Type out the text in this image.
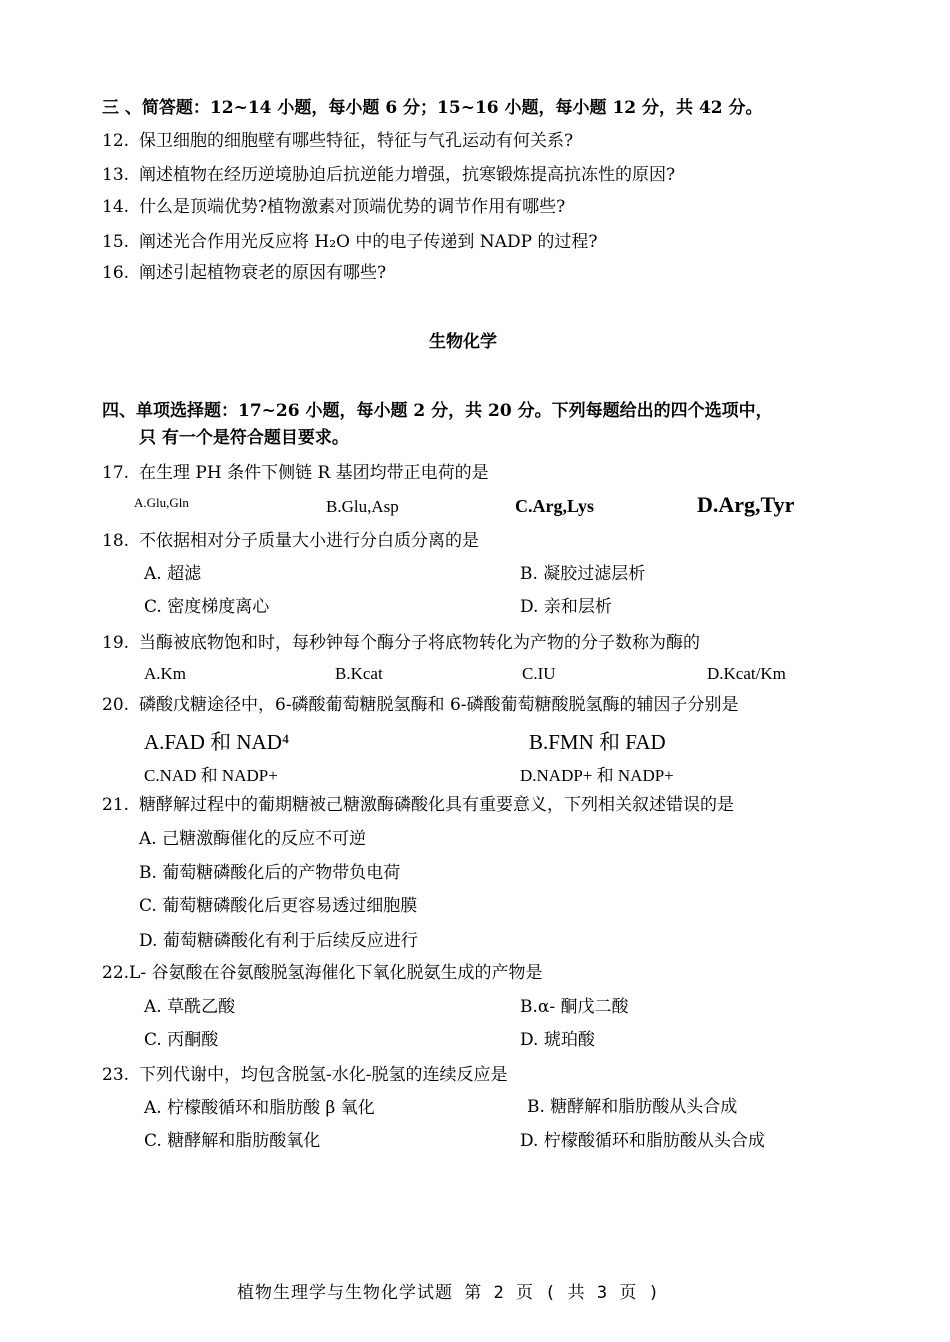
三 、简答题：12~14 小题，每小题 6 分；15~16 小题，每小题 12 分，共 42 分。
12. 保卫细胞的细胞壁有哪些特征，特征与气孔运动有何关系?
13. 阐述植物在经历逆境胁迫后抗逆能力增强，抗寒锻炼提高抗冻性的原因?
14. 什么是顶端优势?植物激素对顶端优势的调节作用有哪些?
15. 阐述光合作用光反应将 H₂O 中的电子传递到 NADP 的过程?
16. 阐述引起植物衰老的原因有哪些?
生物化学
四、单项选择题：17~26 小题，每小题 2 分，共 20 分。下列每题给出的四个选项中，
只 有一个是符合题目要求。
17. 在生理 PH 条件下侧链 R 基团均带正电荷的是
A.Glu,Gln	B.Glu,Asp	C.Arg,Lys	D.Arg,Tyr
18. 不依据相对分子质量大小进行分白质分离的是
A. 超滤	B. 凝胶过滤层析
C. 密度梯度离心	D. 亲和层析
19. 当酶被底物饱和时，每秒钟每个酶分子将底物转化为产物的分子数称为酶的
A.Km	B.Kcat	C.IU	D.Kcat/Km
20. 磷酸戊糖途径中，6-磷酸葡萄糖脱氢酶和 6-磷酸葡萄糖酸脱氢酶的辅因子分别是
A.FAD 和 NAD⁴	B.FMN 和 FAD
C.NAD 和 NADP+	D.NADP+ 和 NADP+
21. 糖酵解过程中的葡期糖被己糖激酶磷酸化具有重要意义，下列相关叙述错误的是
A. 己糖激酶催化的反应不可逆
B. 葡萄糖磷酸化后的产物带负电荷
C. 葡萄糖磷酸化后更容易透过细胞膜
D. 葡萄糖磷酸化有利于后续反应进行
22.L- 谷氨酸在谷氨酸脱氢海催化下氧化脱氨生成的产物是
A. 草酰乙酸	B.α- 酮戊二酸
C. 丙酮酸	D. 琥珀酸
23. 下列代谢中，均包含脱氢-水化-脱氢的连续反应是
A. 柠檬酸循环和脂肪酸 β 氧化	B. 糖酵解和脂肪酸从头合成
C. 糖酵解和脂肪酸氧化	D. 柠檬酸循环和脂肪酸从头合成
植物生理学与生物化学试题 第 2 页 ( 共 3 页 )
